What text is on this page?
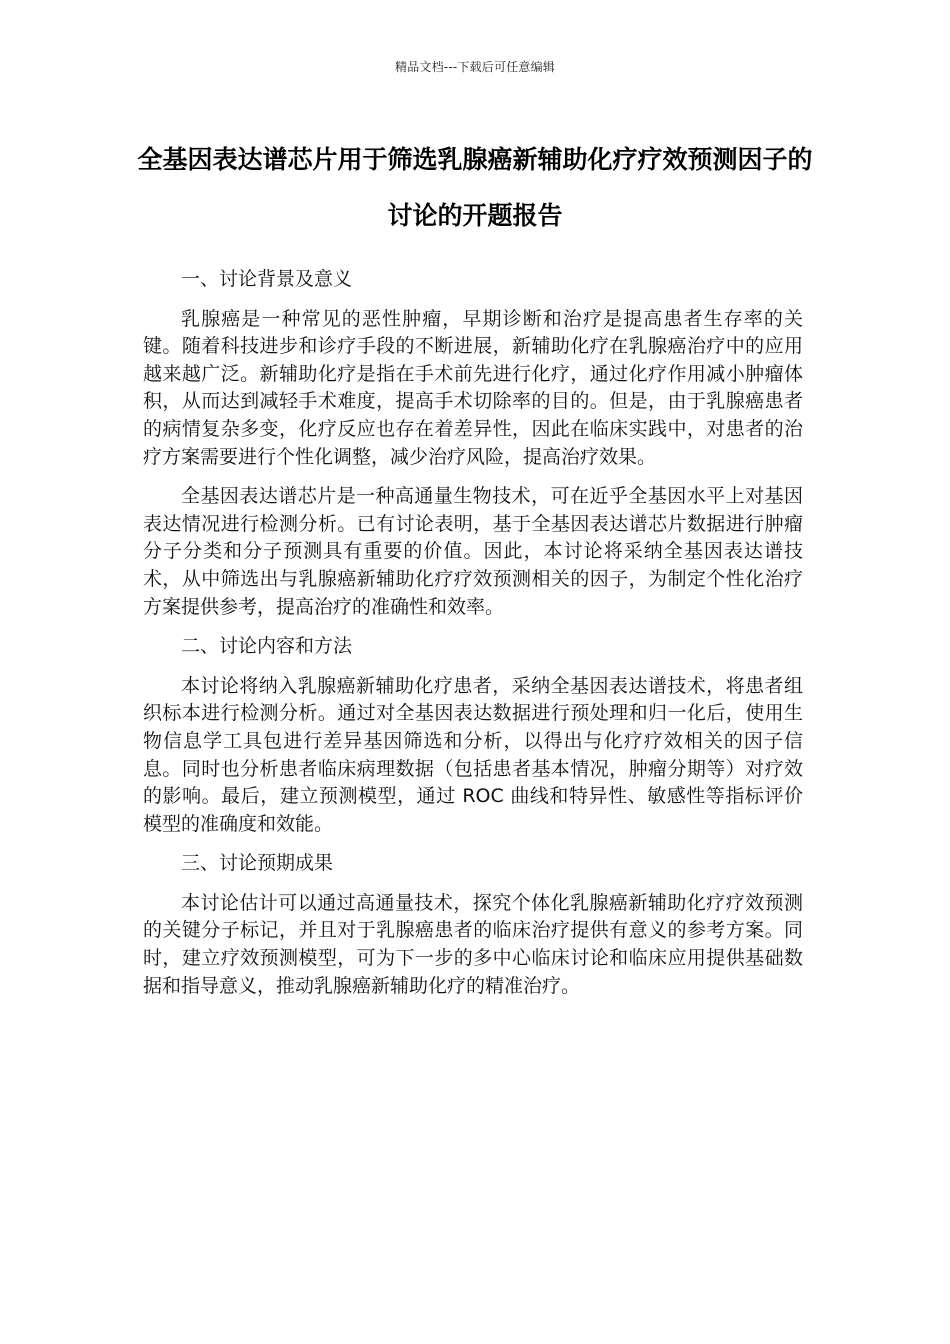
精品文档---下载后可任意编辑
全基因表达谱芯片用于筛选乳腺癌新辅助化疗疗效预测因子的讨论的开题报告

一、讨论背景及意义

乳腺癌是一种常见的恶性肿瘤，早期诊断和治疗是提高患者生存率的关键。随着科技进步和诊疗手段的不断进展，新辅助化疗在乳腺癌治疗中的应用越来越广泛。新辅助化疗是指在手术前先进行化疗，通过化疗作用减小肿瘤体积，从而达到减轻手术难度，提高手术切除率的目的。但是，由于乳腺癌患者的病情复杂多变，化疗反应也存在着差异性，因此在临床实践中，对患者的治疗方案需要进行个性化调整，减少治疗风险，提高治疗效果。

全基因表达谱芯片是一种高通量生物技术，可在近乎全基因水平上对基因表达情况进行检测分析。已有讨论表明，基于全基因表达谱芯片数据进行肿瘤分子分类和分子预测具有重要的价值。因此，本讨论将采纳全基因表达谱技术，从中筛选出与乳腺癌新辅助化疗疗效预测相关的因子，为制定个性化治疗方案提供参考，提高治疗的准确性和效率。

二、讨论内容和方法

本讨论将纳入乳腺癌新辅助化疗患者，采纳全基因表达谱技术，将患者组织标本进行检测分析。通过对全基因表达数据进行预处理和归一化后，使用生物信息学工具包进行差异基因筛选和分析，以得出与化疗疗效相关的因子信息。同时也分析患者临床病理数据（包括患者基本情况，肿瘤分期等）对疗效的影响。最后，建立预测模型，通过 ROC 曲线和特异性、敏感性等指标评价模型的准确度和效能。

三、讨论预期成果

本讨论估计可以通过高通量技术，探究个体化乳腺癌新辅助化疗疗效预测的关键分子标记，并且对于乳腺癌患者的临床治疗提供有意义的参考方案。同时，建立疗效预测模型，可为下一步的多中心临床讨论和临床应用提供基础数据和指导意义，推动乳腺癌新辅助化疗的精准治疗。
